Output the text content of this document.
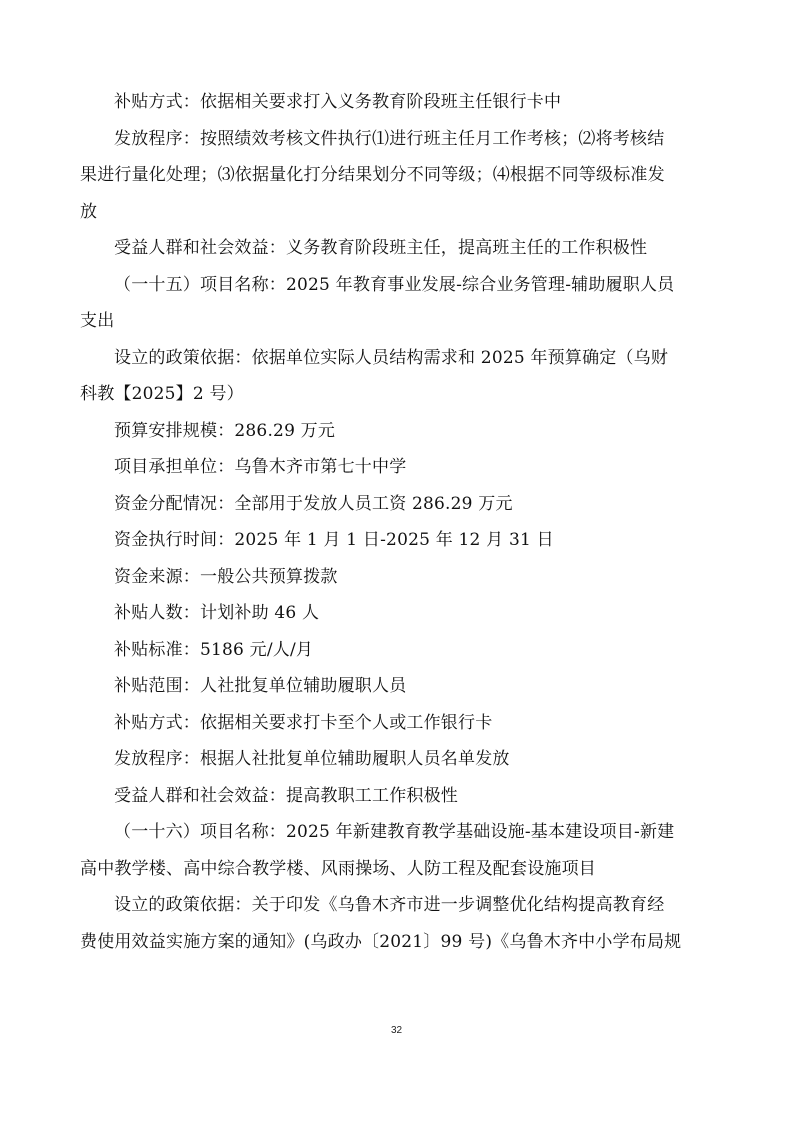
补贴方式：依据相关要求打入义务教育阶段班主任银行卡中
发放程序：按照绩效考核文件执行⑴进行班主任月工作考核；⑵将考核结
果进行量化处理；⑶依据量化打分结果划分不同等级；⑷根据不同等级标准发
放
受益人群和社会效益：义务教育阶段班主任，提高班主任的工作积极性
（一十五）项目名称：2025 年教育事业发展-综合业务管理-辅助履职人员
支出
设立的政策依据：依据单位实际人员结构需求和 2025 年预算确定（乌财
科教【2025】2 号）
预算安排规模：286.29 万元
项目承担单位：乌鲁木齐市第七十中学
资金分配情况：全部用于发放人员工资 286.29 万元
资金执行时间：2025 年 1 月 1 日-2025 年 12 月 31 日
资金来源：一般公共预算拨款
补贴人数：计划补助 46 人
补贴标准：5186 元/人/月
补贴范围：人社批复单位辅助履职人员
补贴方式：依据相关要求打卡至个人或工作银行卡
发放程序：根据人社批复单位辅助履职人员名单发放
受益人群和社会效益：提高教职工工作积极性
（一十六）项目名称：2025 年新建教育教学基础设施-基本建设项目-新建
高中教学楼、高中综合教学楼、风雨操场、人防工程及配套设施项目
设立的政策依据：关于印发《乌鲁木齐市进一步调整优化结构提高教育经
费使用效益实施方案的通知》(乌政办〔2021〕99 号)《乌鲁木齐中小学布局规
32
